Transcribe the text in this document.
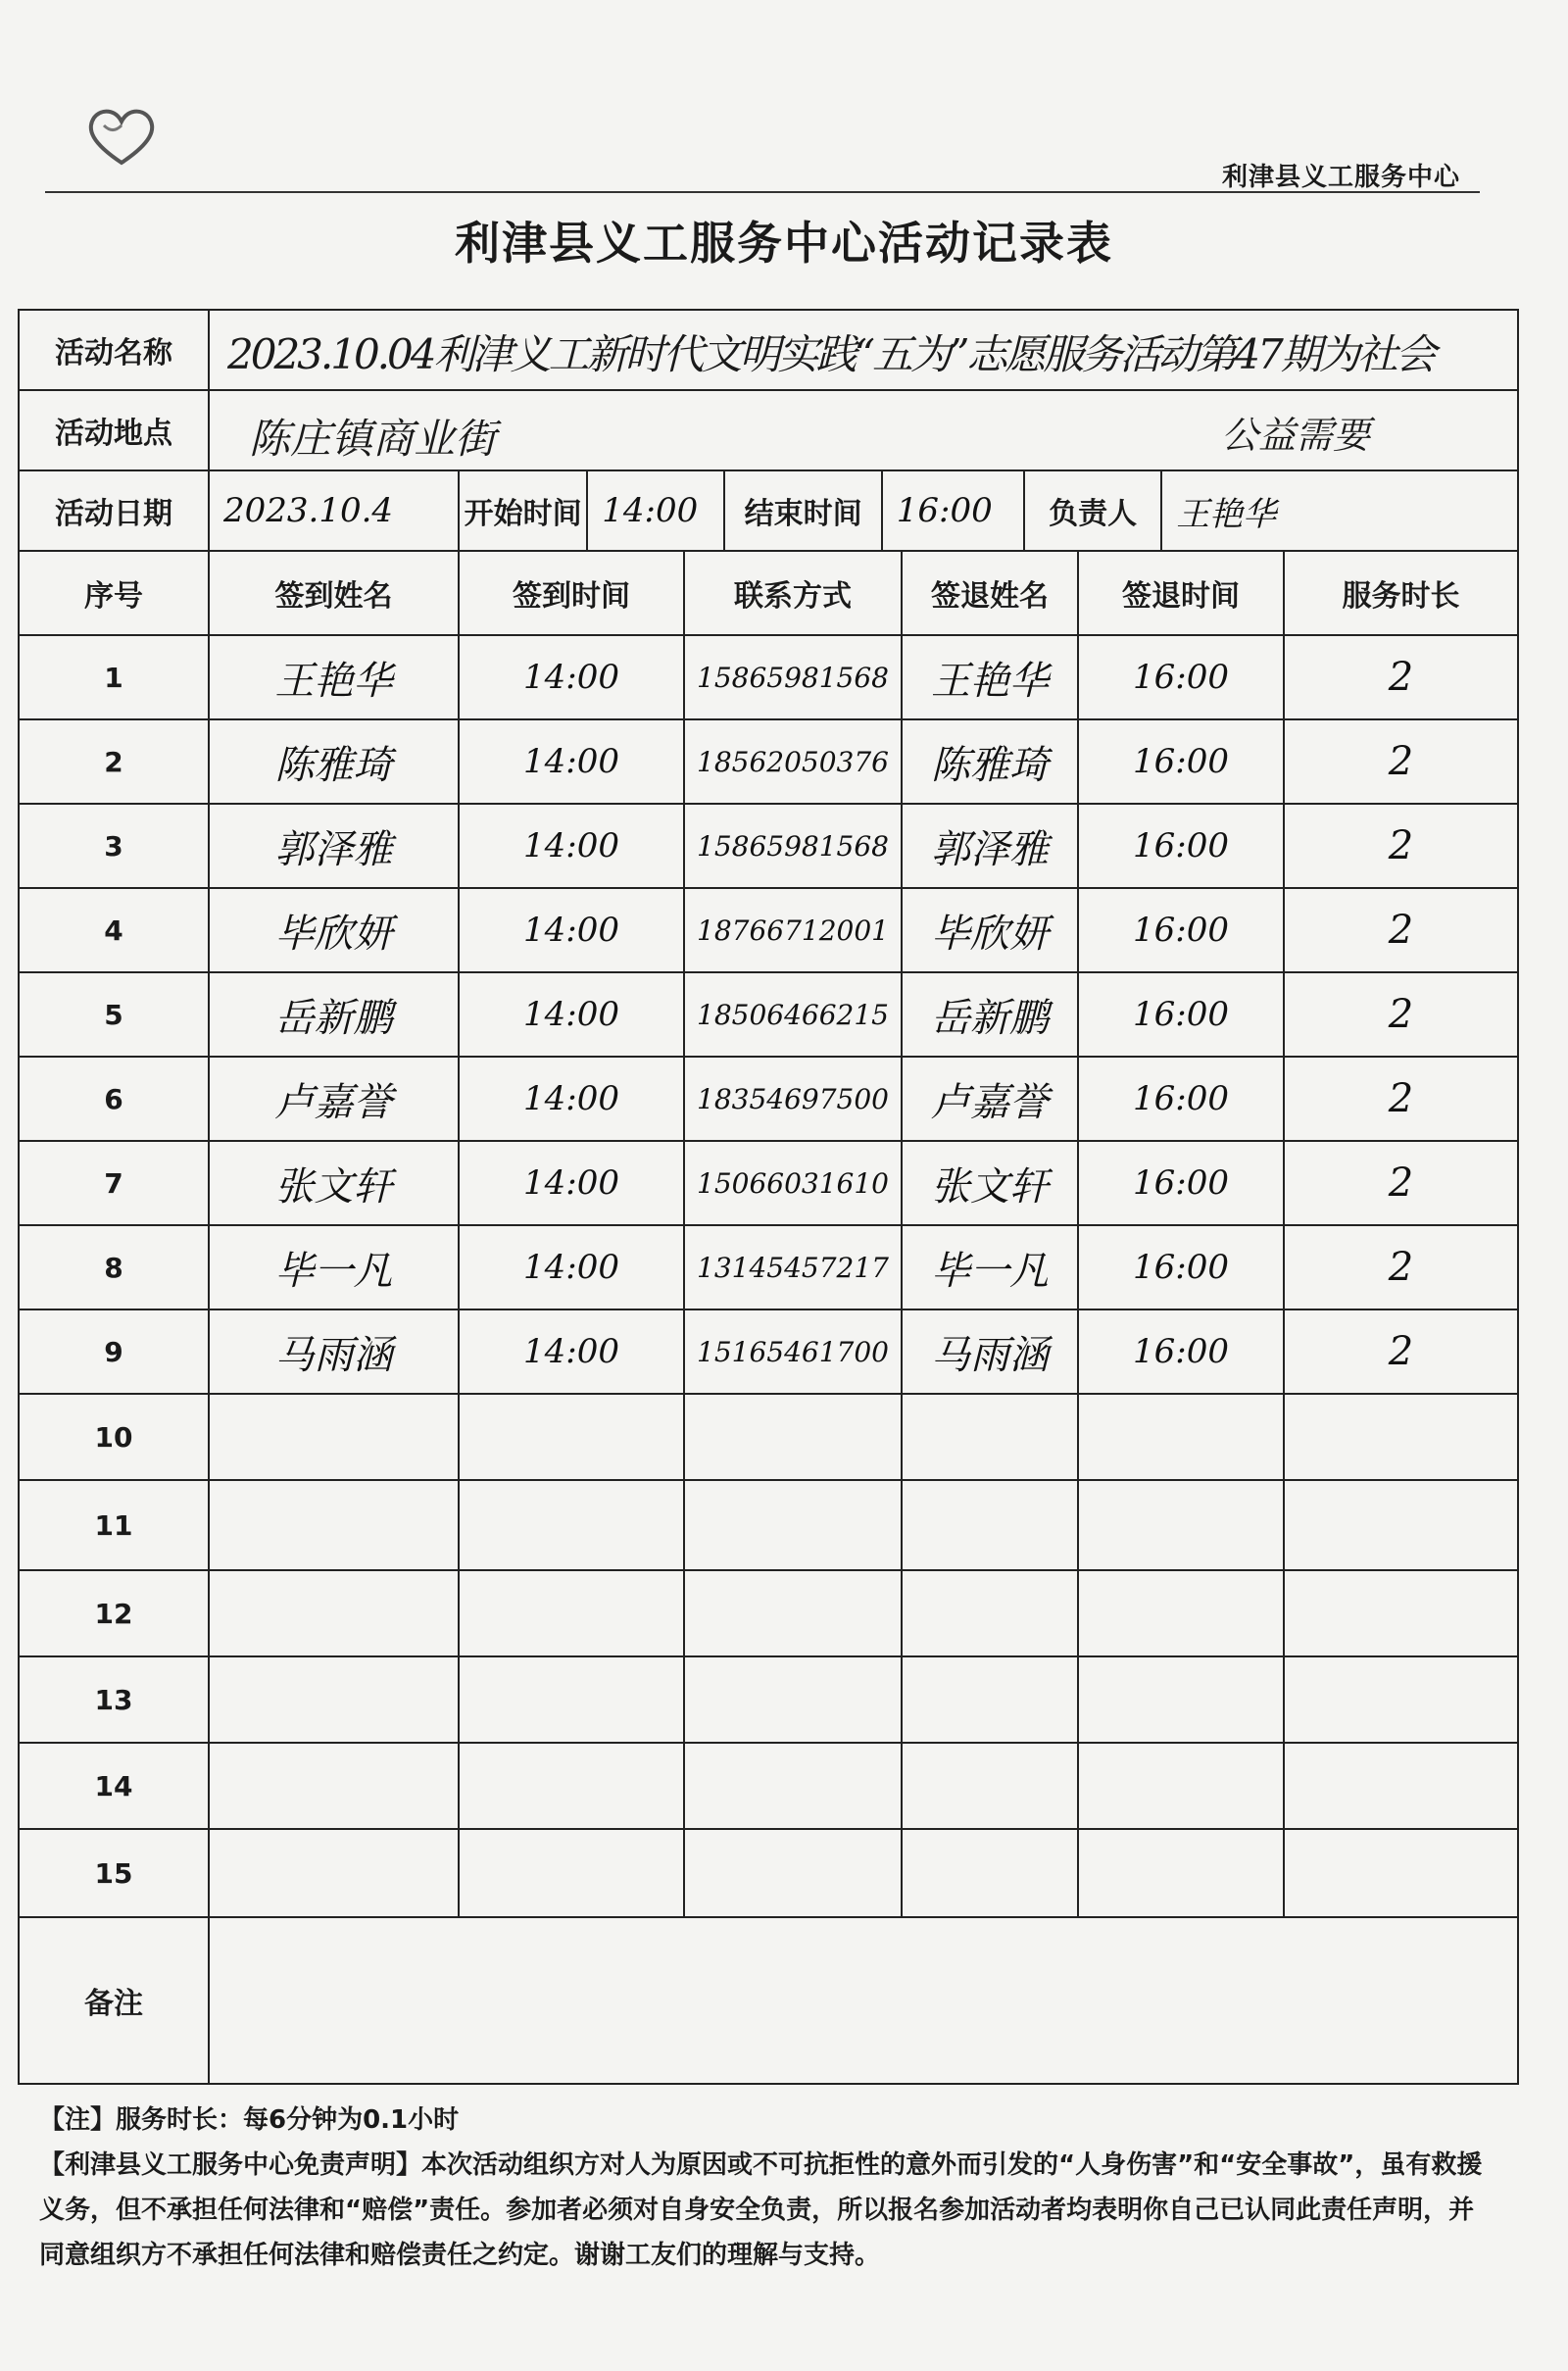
利津县义工服务中心
利津县义工服务中心活动记录表
活动名称	2023.10.04利津义工新时代文明实践“五为”志愿服务活动第47期为社会

活动地点	陈庄镇商业街	公益需要

活动日期	2023.10.4	开始时间	14:00	结束时间	16:00	负责人	王艳华

序号	签到姓名	签到时间	联系方式	签退姓名	签退时间	服务时长
1	王艳华	14:00	15865981568	王艳华	16:00	2
2	陈雅琦	14:00	18562050376	陈雅琦	16:00	2
3	郭泽雅	14:00	15865981568	郭泽雅	16:00	2
4	毕欣妍	14:00	18766712001	毕欣妍	16:00	2
5	岳新鹏	14:00	18506466215	岳新鹏	16:00	2
6	卢嘉誉	14:00	18354697500	卢嘉誉	16:00	2
7	张文轩	14:00	15066031610	张文轩	16:00	2
8	毕一凡	14:00	13145457217	毕一凡	16:00	2
9	马雨涵	14:00	15165461700	马雨涵	16:00	2
10						
11						
12						
13						
14						
15						
备注	

【注】服务时长：每6分钟为0.1小时

【利津县义工服务中心免责声明】本次活动组织方对人为原因或不可抗拒性的意外而引发的“人身伤害”和“安全事故”，虽有救援义务，但不承担任何法律和“赔偿”责任。参加者必须对自身安全负责，所以报名参加活动者均表明你自己已认同此责任声明，并同意组织方不承担任何法律和赔偿责任之约定。谢谢工友们的理解与支持。
